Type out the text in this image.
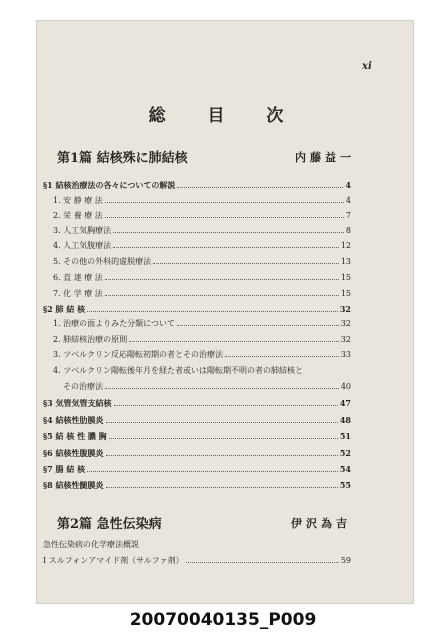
xi
総 目 次
第1篇 結核殊に肺結核	内藤益一
§1 結核治療法の各々についての解説	4
1. 安 静 療 法	4
2. 栄 養 療 法	7
3. 人工気胸療法	8
4. 人工気腹療法	12
5. その他の外科的虚脱療法	13
6. 直 達 療 法	15
7. 化 学 療 法	15
§2 肺 結 核	32
1. 治療の面よりみた分類について	32
2. 肺結核治療の原則	32
3. ツベルクリン反応陽転初期の者とその治療法	33
4. ツベルクリン陽転後年月を経た者或いは陽転期不明の者の肺結核と
その治療法	40
§3 気管気管支結核	47
§4 結核性肋膜炎	48
§5 結 核 性 膿 胸	51
§6 結核性腹膜炎	52
§7 腸 結 核	54
§8 結核性髄膜炎	55
第2篇 急性伝染病	伊沢為吉
急性伝染病の化学療法概説
I スルフォンアマイド剤（サルファ剤）	59
20070040135_P009
